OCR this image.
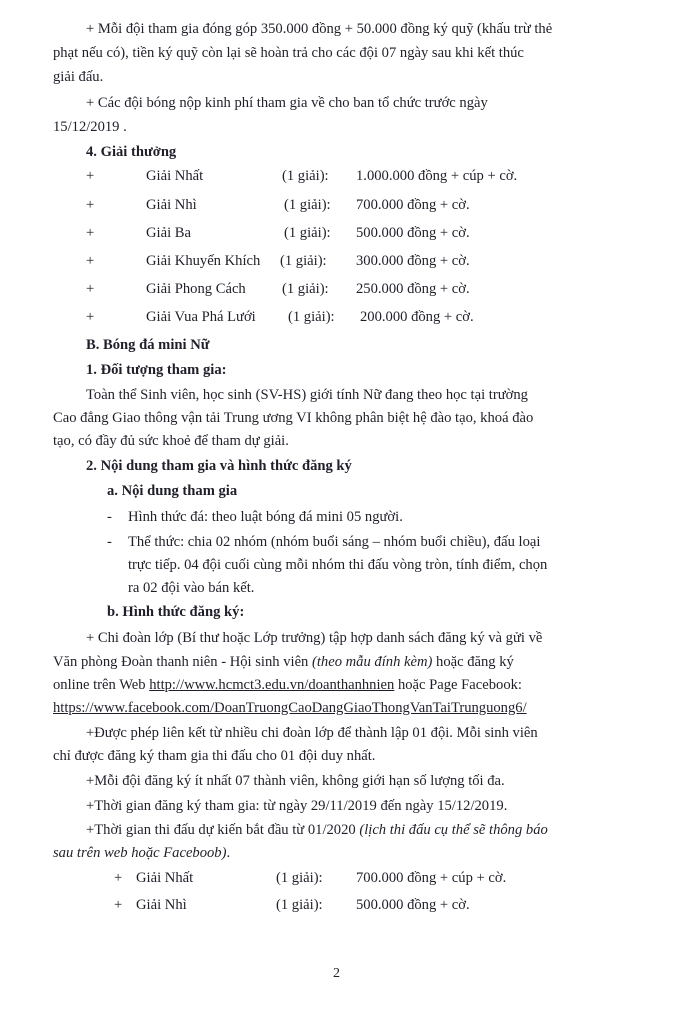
+ Mỗi đội tham gia đóng góp 350.000 đồng + 50.000 đồng ký quỹ (khấu trừ thẻ
phạt nếu có), tiền ký quỹ còn lại sẽ hoàn trả cho các đội 07 ngày sau khi kết thúc
giải đấu.
+ Các đội bóng nộp kinh phí tham gia về cho ban tổ chức trước ngày
15/12/2019 .
4. Giải thưởng
+	Giải Nhất	(1 giải): 1.000.000 đồng + cúp + cờ.
+	Giải Nhì	(1 giải): 700.000 đồng + cờ.
+	Giải Ba	(1 giải): 500.000 đồng + cờ.
+	Giải Khuyến Khích (1 giải): 300.000 đồng + cờ.
+	Giải Phong Cách (1 giải): 250.000 đồng + cờ.
+	Giải Vua Phá Lưới (1 giải): 200.000 đồng + cờ.
B. Bóng đá mini Nữ
1. Đối tượng tham gia:
Toàn thể Sinh viên, học sinh (SV-HS) giới tính Nữ đang theo học tại trường
Cao đẳng Giao thông vận tải Trung ương VI không phân biệt hệ đào tạo, khoá đào
tạo, có đầy đủ sức khoẻ để tham dự giải.
2. Nội dung tham gia và hình thức đăng ký
a. Nội dung tham gia
- Hình thức đá: theo luật bóng đá mini 05 người.
- Thể thức: chia 02 nhóm (nhóm buổi sáng – nhóm buổi chiều), đấu loại
trực tiếp. 04 đội cuối cùng mỗi nhóm thi đấu vòng tròn, tính điểm, chọn
ra 02 đội vào bán kết.
b. Hình thức đăng ký:
+ Chi đoàn lớp (Bí thư hoặc Lớp trưởng) tập hợp danh sách đăng ký và gửi về
Văn phòng Đoàn thanh niên - Hội sinh viên (theo mẫu đính kèm) hoặc đăng ký
online trên Web http://www.hcmct3.edu.vn/doanthanhnien hoặc Page Facebook:
https://www.facebook.com/DoanTruongCaoDangGiaoThongVanTaiTrunguong6/
+Được phép liên kết từ nhiều chi đoàn lớp để thành lập 01 đội. Mỗi sinh viên
chỉ được đăng ký tham gia thi đấu cho 01 đội duy nhất.
+Mỗi đội đăng ký ít nhất 07 thành viên, không giới hạn số lượng tối đa.
+Thời gian đăng ký tham gia: từ ngày 29/11/2019 đến ngày 15/12/2019.
+Thời gian thi đấu dự kiến bắt đầu từ 01/2020 (lịch thi đấu cụ thể sẽ thông báo
sau trên web hoặc Faceboob).
+ Giải Nhất	(1 giải): 700.000 đồng + cúp + cờ.
+ Giải Nhì	(1 giải): 500.000 đồng + cờ.
2
